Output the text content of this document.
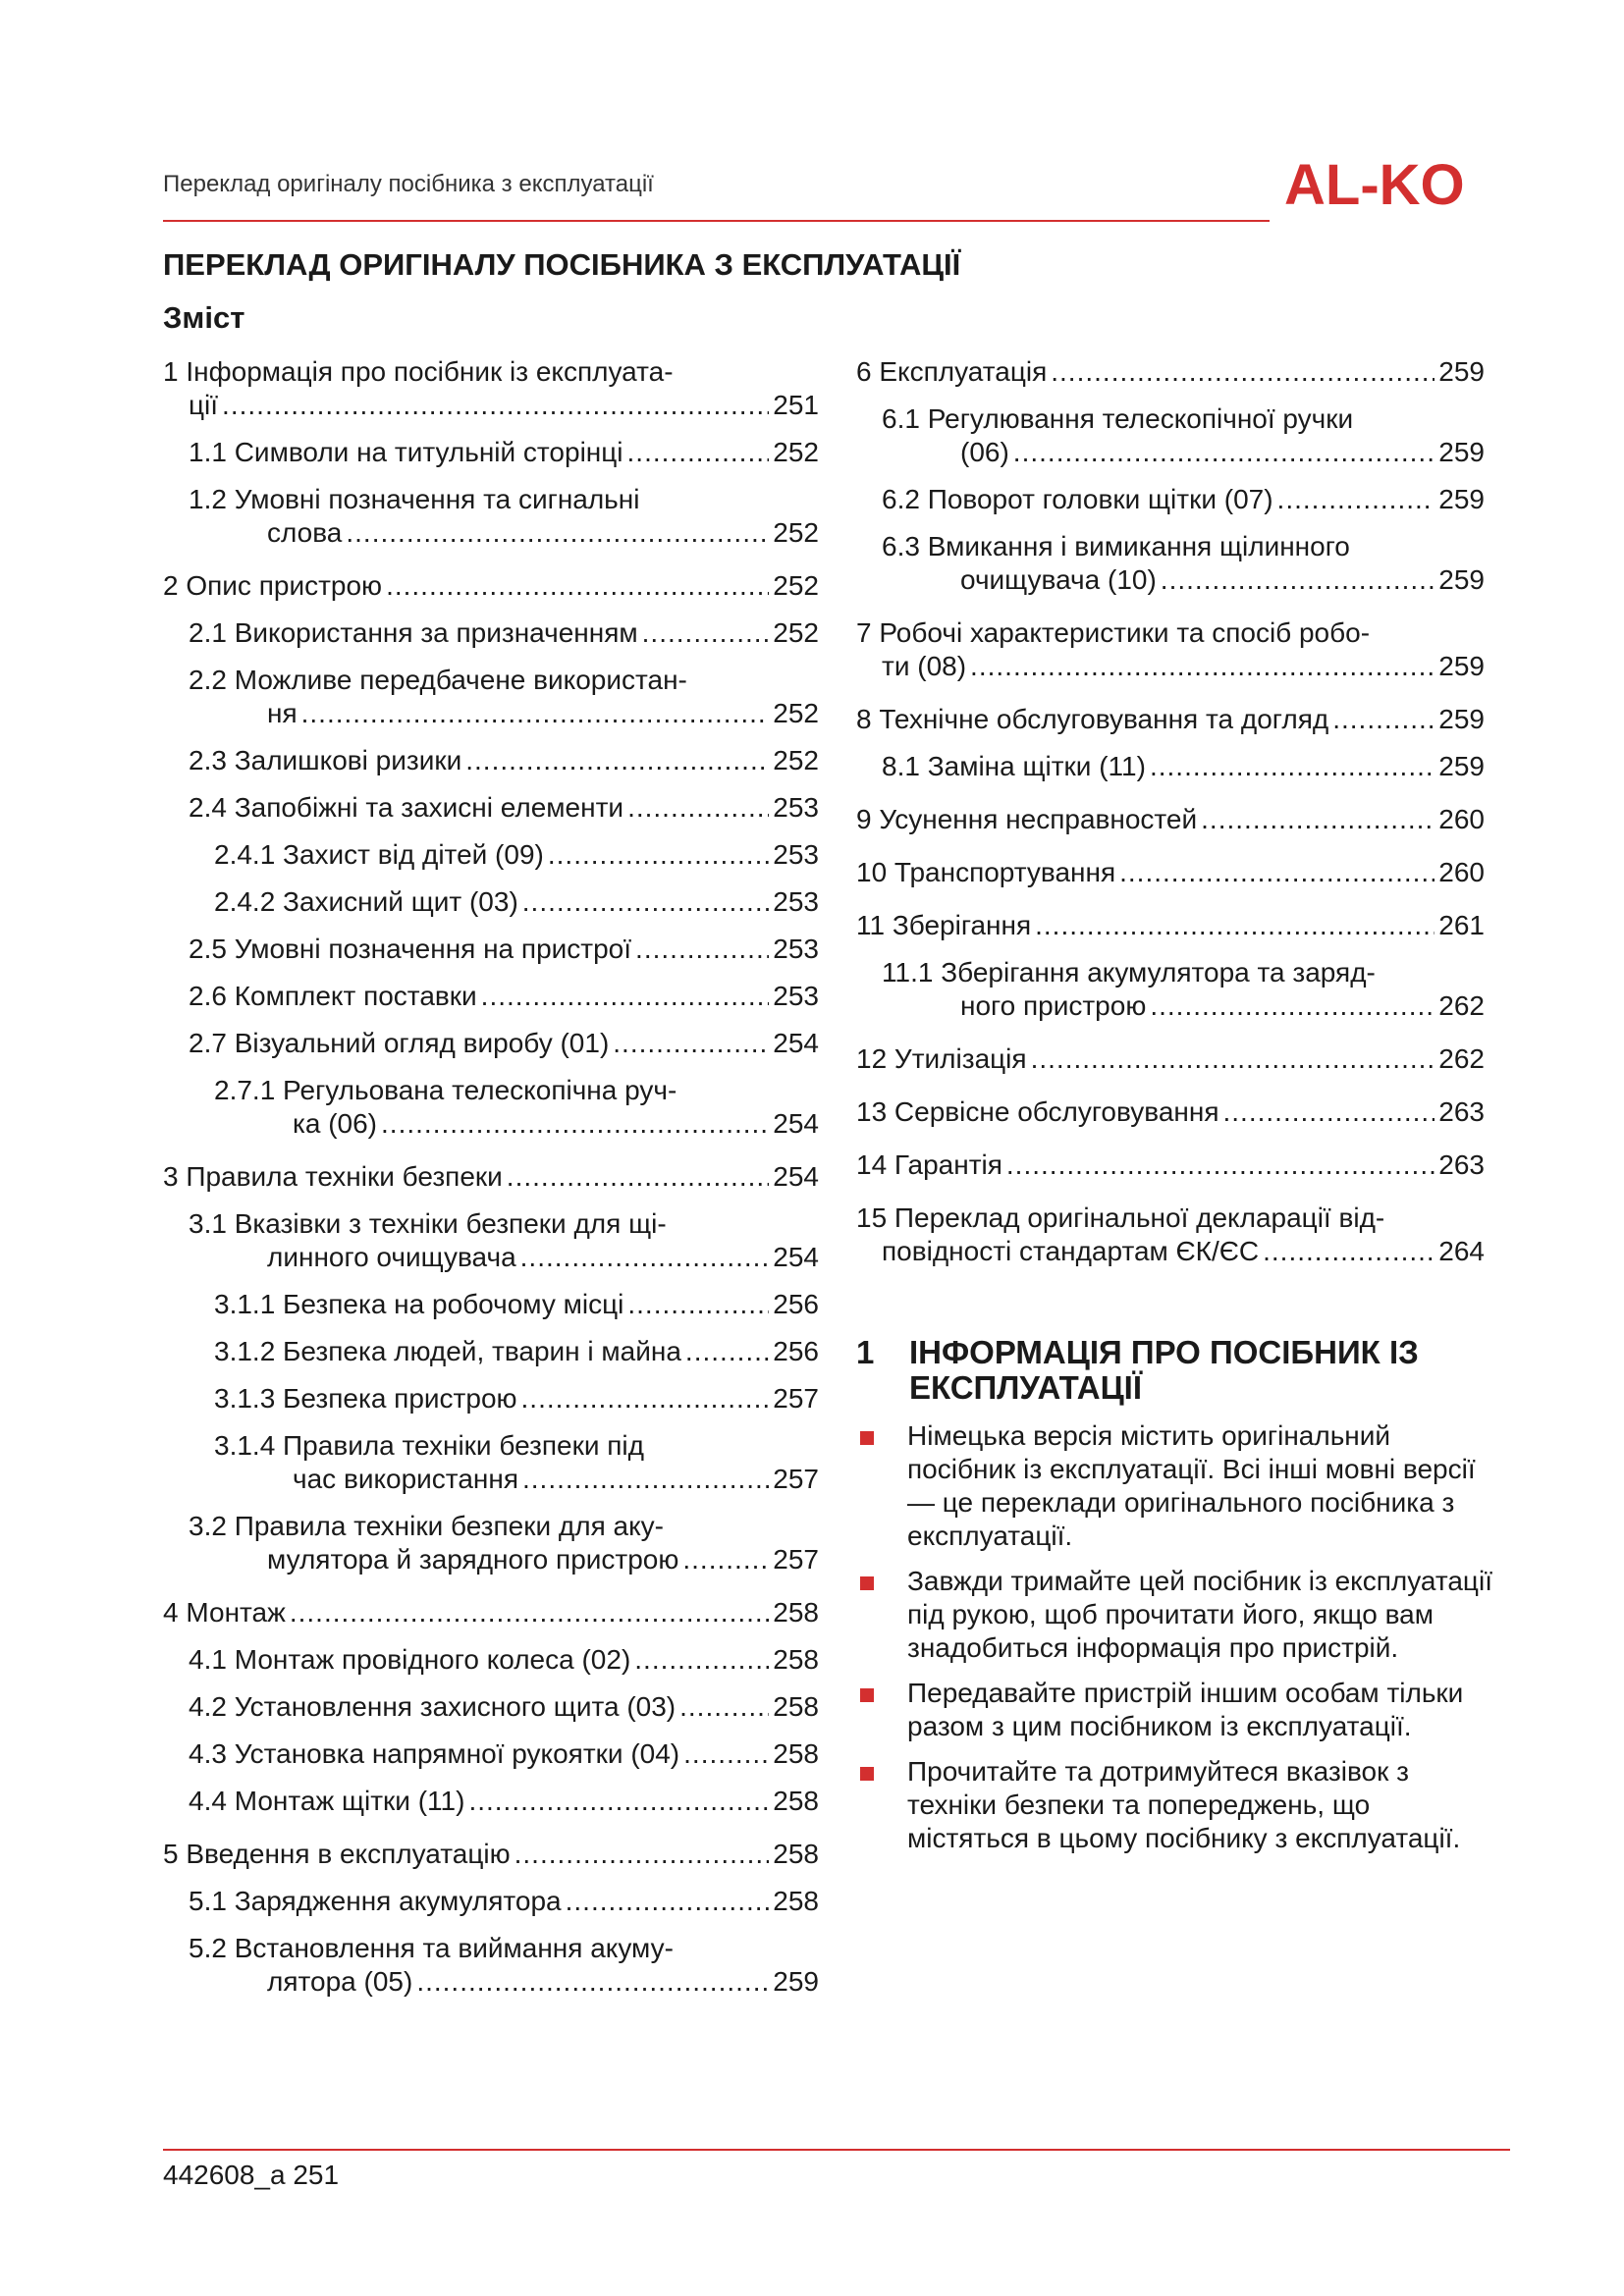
Переклад оригіналу посібника з експлуатації	AL-KO
ПЕРЕКЛАД ОРИГІНАЛУ ПОСІБНИКА З ЕКСПЛУАТАЦІЇ
Зміст
1 Інформація про посібник із експлуата-
ції .....	251
1.1 Символи на титульній сторінці .....	252
1.2 Умовні позначення та сигнальні
слова .....	252
2 Опис пристрою .....	252
2.1 Використання за призначенням .....	252
2.2 Можливе передбачене використан-
ня .....	252
2.3 Залишкові ризики .....	252
2.4 Запобіжні та захисні елементи .....	253
2.4.1 Захист від дітей (09) .....	253
2.4.2 Захисний щит (03) .....	253
2.5 Умовні позначення на пристрої .....	253
2.6 Комплект поставки .....	253
2.7 Візуальний огляд виробу (01) .....	254
2.7.1 Регульована телескопічна руч-
ка (06) .....	254
3 Правила техніки безпеки .....	254
3.1 Вказівки з техніки безпеки для щі-
линного очищувача .....	254
3.1.1 Безпека на робочому місці .....	256
3.1.2 Безпека людей, тварин і майна .....	256
3.1.3 Безпека пристрою .....	257
3.1.4 Правила техніки безпеки під
час використання .....	257
3.2 Правила техніки безпеки для аку-
мулятора й зарядного пристрою .....	257
4 Монтаж .....	258
4.1 Монтаж провідного колеса (02) .....	258
4.2 Установлення захисного щита (03) .....	258
4.3 Установка напрямної рукоятки (04) .....	258
4.4 Монтаж щітки (11) .....	258
5 Введення в експлуатацію .....	258
5.1 Зарядження акумулятора .....	258
5.2 Встановлення та виймання акуму-
лятора (05) .....	259
6 Експлуатація .....	259
6.1 Регулювання телескопічної ручки
(06) .....	259
6.2 Поворот головки щітки (07) .....	259
6.3 Вмикання і вимикання щілинного
очищувача (10) .....	259
7 Робочі характеристики та спосіб робо-
ти (08) .....	259
8 Технічне обслуговування та догляд .....	259
8.1 Заміна щітки (11) .....	259
9 Усунення несправностей .....	260
10 Транспортування .....	260
11 Зберігання .....	261
11.1 Зберігання акумулятора та заряд-
ного пристрою .....	262
12 Утилізація .....	262
13 Сервісне обслуговування .....	263
14 Гарантія .....	263
15 Переклад оригінальної декларації від-
повідності стандартам ЄК/ЄС .....	264
1	ІНФОРМАЦІЯ ПРО ПОСІБНИК ІЗ ЕКСПЛУАТАЦІЇ
Німецька версія містить оригінальний посібник із експлуатації. Всі інші мовні версії — це переклади оригінального посібника з експлуатації.
Завжди тримайте цей посібник із експлуатації під рукою, щоб прочитати його, якщо вам знадобиться інформація про пристрій.
Передавайте пристрій іншим особам тільки разом з цим посібником із експлуатації.
Прочитайте та дотримуйтеся вказівок з техніки безпеки та попереджень, що містяться в цьому посібнику з експлуатації.
442608_a 251
